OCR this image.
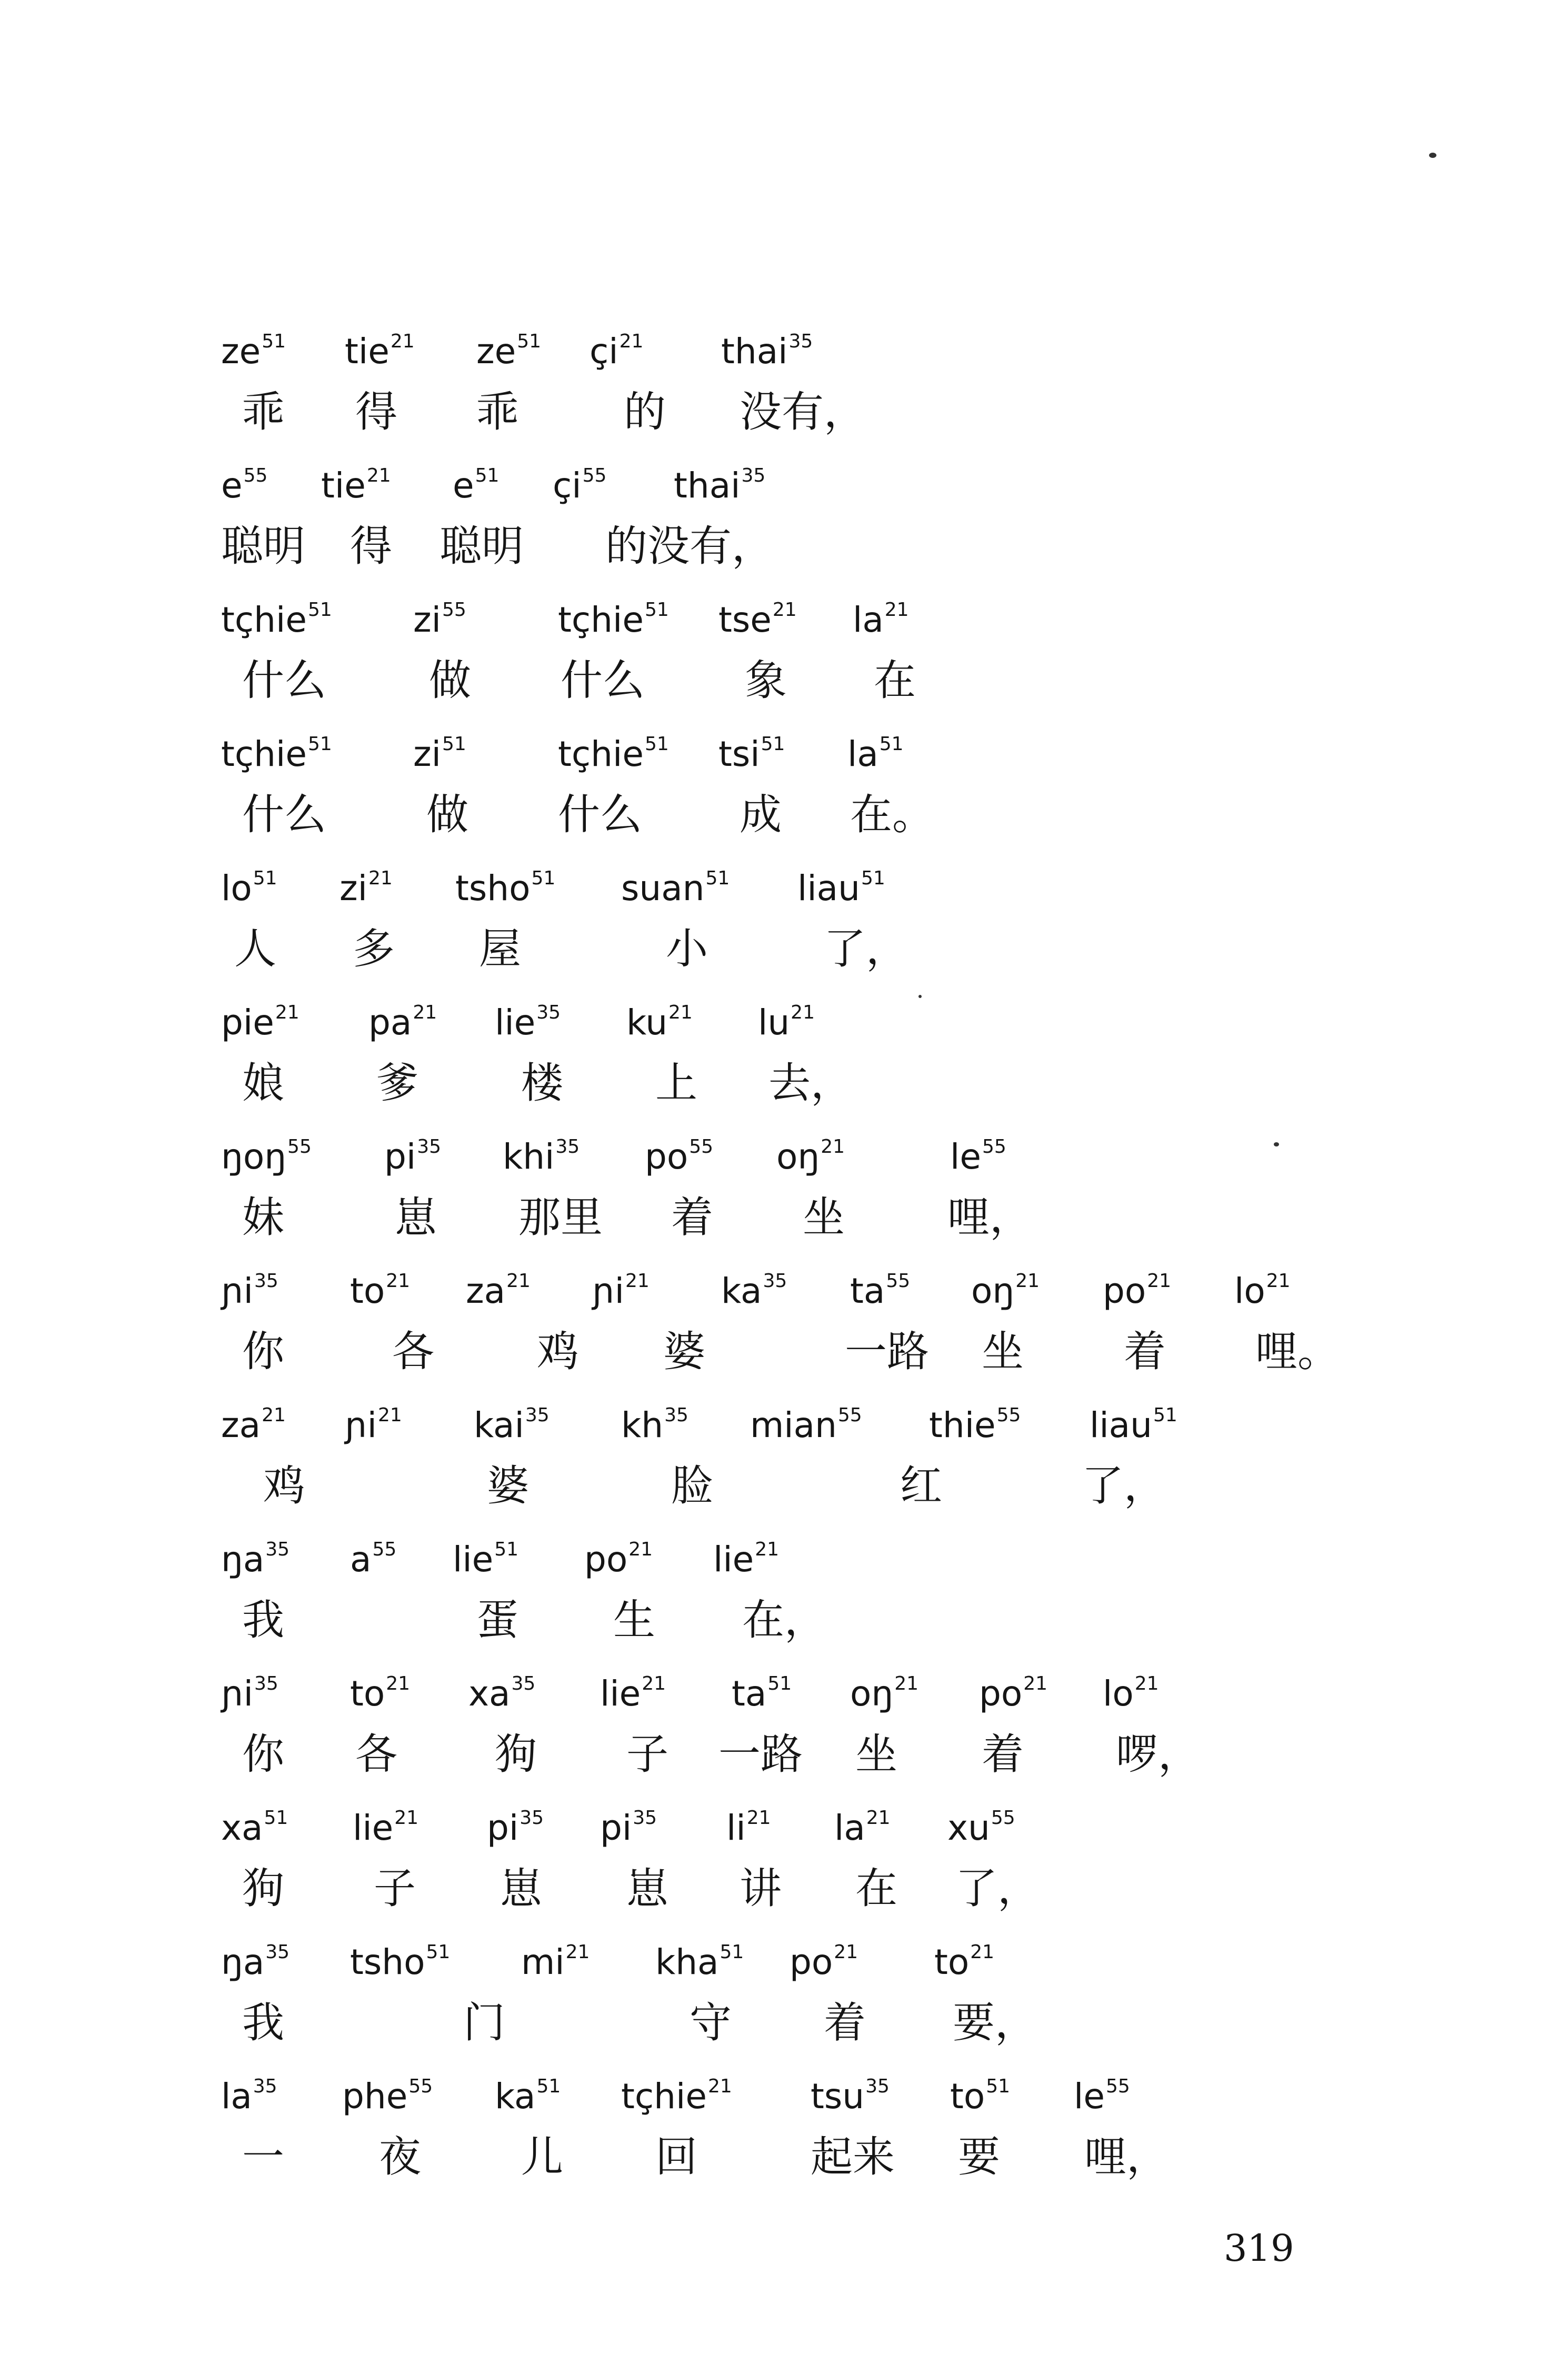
$ze^{51}$ tie$^{21}$ $ze^{51}$ $çi^{21}$ thai$^{35}$
乖 得 乖	的 没有，
$e^{55}$ tie$^{21}$ $e^{51}$ $çi^{55}$ thai$^{35}$
聪明 得 聪明 的 没有，
tçhie$^{51}$ $zi^{55}$	tçhie$^{51}$ tse$^{21}$ $la^{21}$
什么 做 什么 象 在
tçhie$^{51}$ $zi^{51}$	tçhie$^{51}$ tsi$^{51}$ $la^{51}$
什么 做 什么 成 在。
$lo^{51}$ $zi^{21}$ tsho$^{51}$ suan$^{51}$ liau$^{51}$
人 多 屋	小	了，
pie$^{21}$ $pa^{21}$ lie$^{35}$ $ku^{21}$ $lu^{21}$
娘 爹 楼 上 去，
ŋoŋ$^{55}$ $pi^{35}$ khi$^{35}$ $po^{55}$ $oŋ^{21}$	$le^{55}$
妹	崽 那里 着 坐 哩，
ɲi$^{35}$ $to^{21}$ $za^{21}$ ɲi$^{21}$ $ka^{35}$ $ta^{55}$ $oŋ^{21}$ $po^{21}$ $lo^{21}$
你	各 鸡 婆	一路 坐 着 哩。
$za^{21}$ ɲi$^{21}$ kai$^{35}$ $kh^{35}$ mian$^{55}$ thie$^{55}$ liau$^{51}$
鸡	婆	脸	红	了，
$ŋa^{35}$ $a^{55}$ lie$^{51}$ $po^{21}$ lie$^{21}$
我	蛋 生 在，
ɲi$^{35}$ $to^{21}$ $xa^{35}$ lie$^{21}$ $ta^{51}$ $oŋ^{21}$ $po^{21}$ $lo^{21}$
你 各 狗 子 一路 坐 着 啰，
$xa^{51}$ lie$^{21}$ $pi^{35}$ $pi^{35}$ $li^{21}$ $la^{21}$ $xu^{55}$
狗 子 崽 崽 讲 在 了，
$ŋa^{35}$ tsho$^{51}$ $mi^{21}$ kha$^{51}$ $po^{21}$ $to^{21}$
我	门	守 着 要，
$la^{35}$ phe$^{55}$ $ka^{51}$ tçhie$^{21}$ tsu$^{35}$ $to^{51}$ $le^{55}$
一 夜 儿 回	起来 要 哩，
319
